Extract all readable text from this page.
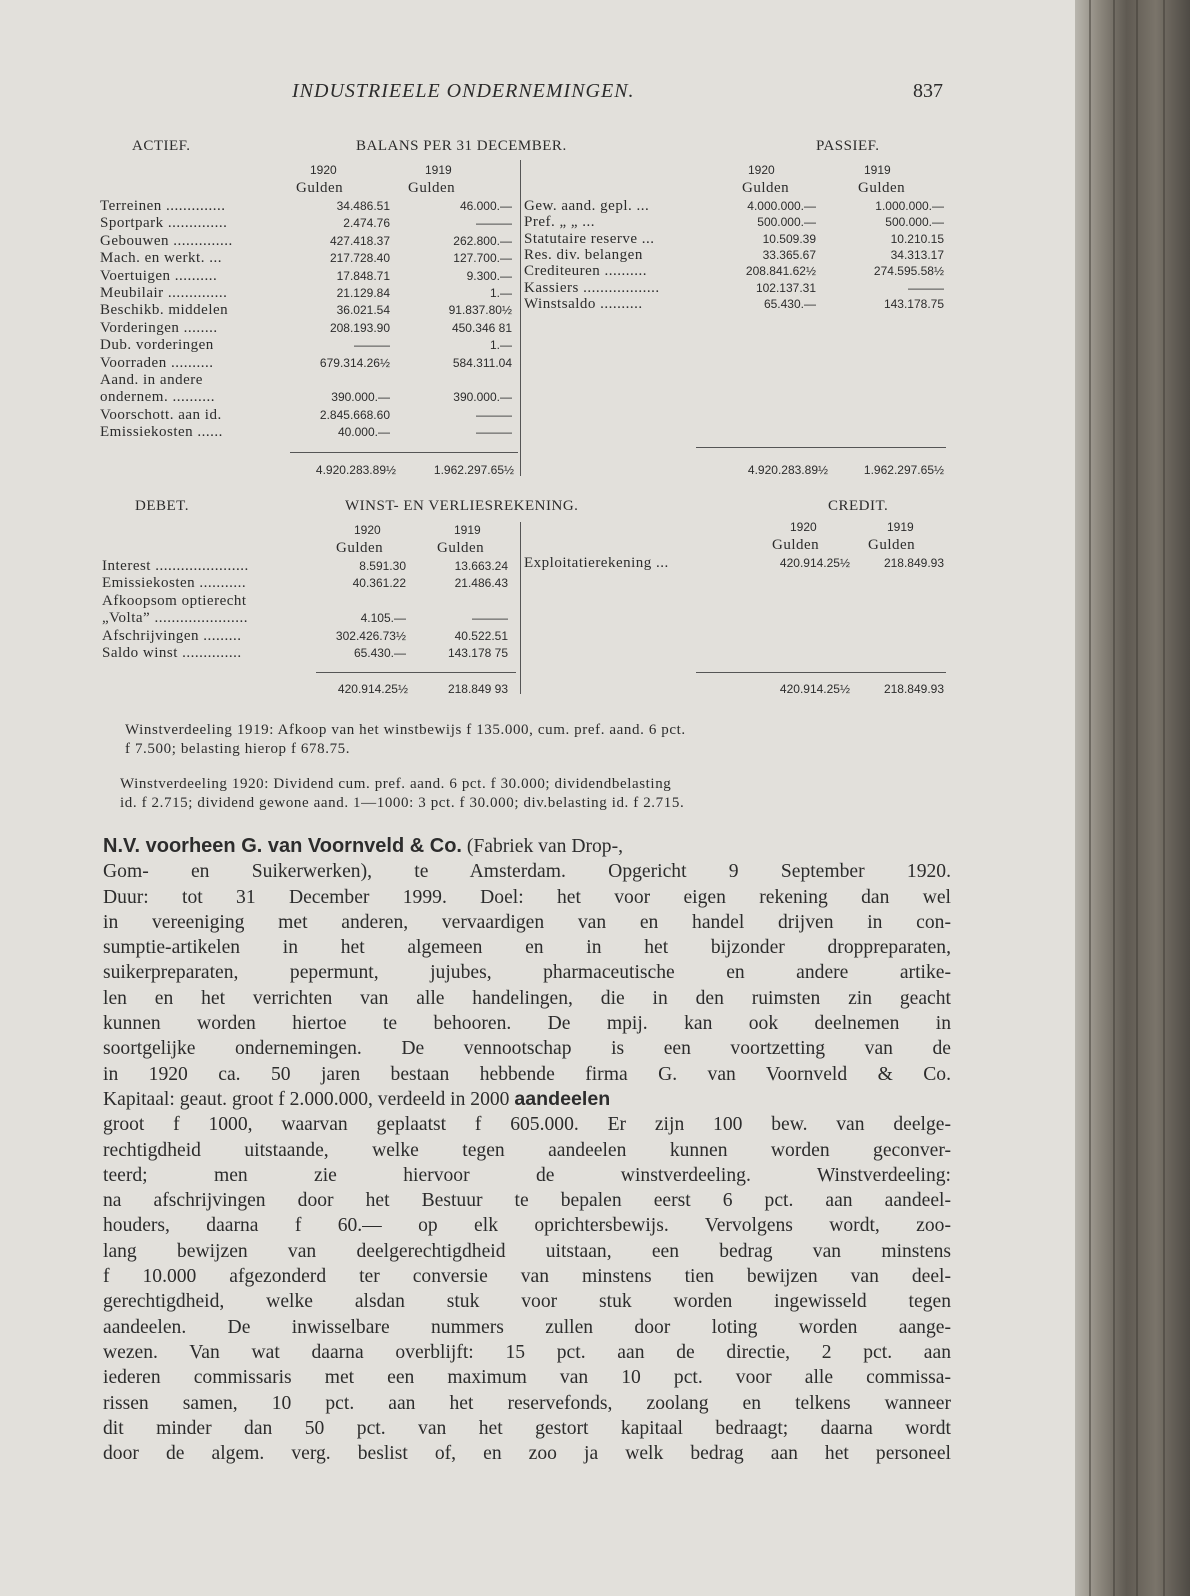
INDUSTRIEELE ONDERNEMINGEN.	837
ACTIEF.	BALANS PER 31 DECEMBER.	PASSIEF.
1920	1919
Gulden	Gulden
1920	1919
Gulden	Gulden
Terreinen ..............	34.486.51	46.000.—
Sportpark ..............	2.474.76	———
Gebouwen ..............	427.418.37	262.800.—
Mach. en werkt. ...	217.728.40	127.700.—
Voertuigen ..........	17.848.71	9.300.—
Meubilair ..............	21.129.84	1.—
Beschikb. middelen	36.021.54	91.837.80½
Vorderingen ........	208.193.90	450.346 81
Dub. vorderingen	———	1.—
Voorraden ..........	679.314.26½	584.311.04
Aand. in andere
ondernem. ..........	390.000.—	390.000.—
Voorschott. aan id.	2.845.668.60	———
Emissiekosten ......	40.000.—	———
Gew. aand. gepl. ...	4.000.000.—	1.000.000.—
Pref. „ „ ...	500.000.—	500.000.—
Statutaire reserve ...	10.509.39	10.210.15
Res. div. belangen	33.365.67	34.313.17
Crediteuren ..........	208.841.62½	274.595.58½
Kassiers ..................	102.137.31	———
Winstsaldo ..........	65.430.—	143.178.75
4.920.283.89½	1.962.297.65½	4.920.283.89½	1.962.297.65½
DEBET.	WINST- EN VERLIESREKENING.	CREDIT.
1920	1919
Gulden	Gulden
1920	1919
Gulden	Gulden
Interest ......................	8.591.30	13.663.24
Emissiekosten ...........	40.361.22	21.486.43
Afkoopsom optierecht
„Volta” ......................	4.105.—	———
Afschrijvingen .........	302.426.73½	40.522.51
Saldo winst ..............	65.430.—	143.178 75
Exploitatierekening ...	420.914.25½	218.849.93
420.914.25½	218.849 93	420.914.25½	218.849.93
Winstverdeeling 1919: Afkoop van het winstbewijs f 135.000, cum. pref. aand. 6 pct.
f 7.500; belasting hierop f 678.75.
Winstverdeeling 1920: Dividend cum. pref. aand. 6 pct. f 30.000; dividendbelasting
id. f 2.715; dividend gewone aand. 1—1000: 3 pct. f 30.000; div.belasting id. f 2.715.
N.V. voorheen G. van Voornveld & Co. (Fabriek van Drop-,
Gom- en Suikerwerken), te Amsterdam. Opgericht 9 September 1920.
Duur: tot 31 December 1999. Doel: het voor eigen rekening dan wel
in vereeniging met anderen, vervaardigen van en handel drijven in con-
sumptie-artikelen in het algemeen en in het bijzonder droppreparaten,
suikerpreparaten, pepermunt, jujubes, pharmaceutische en andere artike-
len en het verrichten van alle handelingen, die in den ruimsten zin geacht
kunnen worden hiertoe te behooren. De mpij. kan ook deelnemen in
soortgelijke ondernemingen. De vennootschap is een voortzetting van de
in 1920 ca. 50 jaren bestaan hebbende firma G. van Voornveld & Co.
Kapitaal: geaut. groot f 2.000.000, verdeeld in 2000 aandeelen
groot f 1000, waarvan geplaatst f 605.000. Er zijn 100 bew. van deelge-
rechtigdheid uitstaande, welke tegen aandeelen kunnen worden geconver-
teerd; men zie hiervoor de winstverdeeling. Winstverdeeling:
na afschrijvingen door het Bestuur te bepalen eerst 6 pct. aan aandeel-
houders, daarna f 60.— op elk oprichtersbewijs. Vervolgens wordt, zoo-
lang bewijzen van deelgerechtigdheid uitstaan, een bedrag van minstens
f 10.000 afgezonderd ter conversie van minstens tien bewijzen van deel-
gerechtigdheid, welke alsdan stuk voor stuk worden ingewisseld tegen
aandeelen. De inwisselbare nummers zullen door loting worden aange-
wezen. Van wat daarna overblijft: 15 pct. aan de directie, 2 pct. aan
iederen commissaris met een maximum van 10 pct. voor alle commissa-
rissen samen, 10 pct. aan het reservefonds, zoolang en telkens wanneer
dit minder dan 50 pct. van het gestort kapitaal bedraagt; daarna wordt
door de algem. verg. beslist of, en zoo ja welk bedrag aan het personeel
